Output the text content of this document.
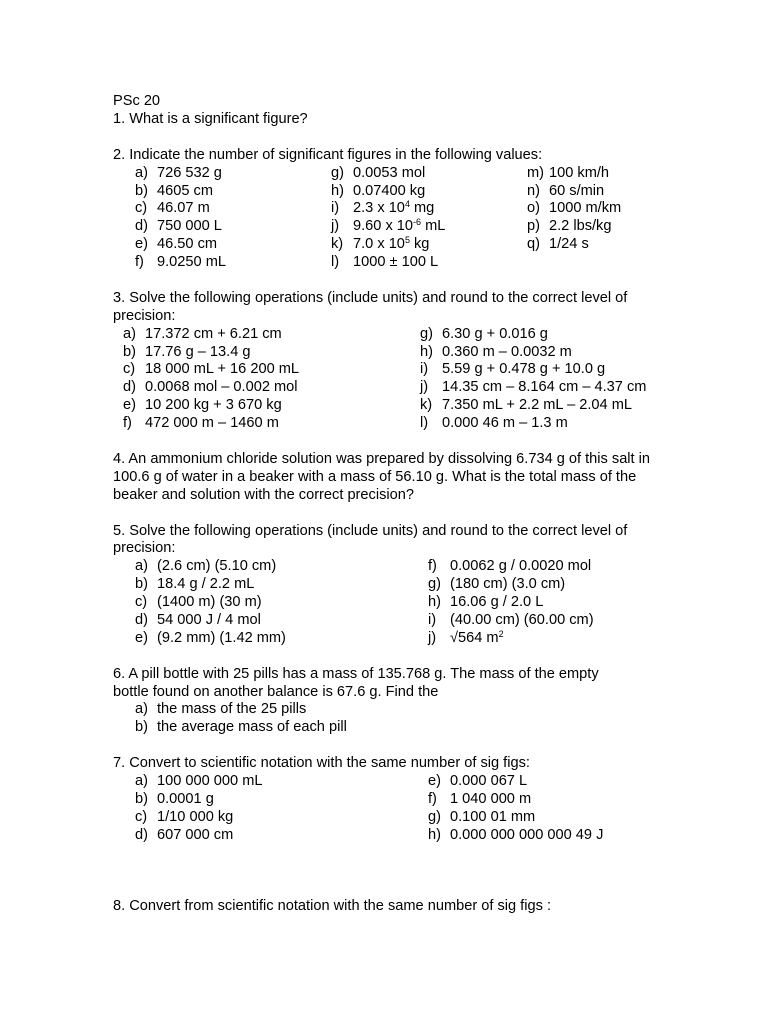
PSc 20
1. What is a significant figure?
2. Indicate the number of significant figures in the following values:
a) 726 532 g	g) 0.0053 mol	m) 100 km/h
b) 4605 cm	h) 0.07400 kg	n) 60 s/min
c) 46.07 m	i) 2.3 x $10^4$ mg	o) 1000 m/km
d) 750 000 L	j) 9.60 x $10^{-6}$ mL	p) 2.2 lbs/kg
e) 46.50 cm	k) 7.0 x $10^5$ kg	q) 1/24 s
f) 9.0250 mL	l) 1000 ± 100 L
3. Solve the following operations (include units) and round to the correct level of precision:
a) 17.372 cm + 6.21 cm	g) 6.30 g + 0.016 g
b) 17.76 g – 13.4 g	h) 0.360 m – 0.0032 m
c) 18 000 mL + 16 200 mL	i) 5.59 g + 0.478 g + 10.0 g
d) 0.0068 mol – 0.002 mol	j) 14.35 cm – 8.164 cm – 4.37 cm
e) 10 200 kg + 3 670 kg	k) 7.350 mL + 2.2 mL – 2.04 mL
f) 472 000 m – 1460 m	l) 0.000 46 m – 1.3 m
4. An ammonium chloride solution was prepared by dissolving 6.734 g of this salt in 100.6 g of water in a beaker with a mass of 56.10 g. What is the total mass of the beaker and solution with the correct precision?
5. Solve the following operations (include units) and round to the correct level of precision:
a) (2.6 cm) (5.10 cm)	f) 0.0062 g / 0.0020 mol
b) 18.4 g / 2.2 mL	g) (180 cm) (3.0 cm)
c) (1400 m) (30 m)	h) 16.06 g / 2.0 L
d) 54 000 J / 4 mol	i) (40.00 cm) (60.00 cm)
e) (9.2 mm) (1.42 mm)	j) √564 $m^2$
6. A pill bottle with 25 pills has a mass of 135.768 g. The mass of the empty bottle found on another balance is 67.6 g. Find the
a) the mass of the 25 pills
b) the average mass of each pill
7. Convert to scientific notation with the same number of sig figs:
a) 100 000 000 mL	e) 0.000 067 L
b) 0.0001 g	f) 1 040 000 m
c) 1/10 000 kg	g) 0.100 01 mm
d) 607 000 cm	h) 0.000 000 000 000 49 J
8. Convert from scientific notation with the same number of sig figs :
